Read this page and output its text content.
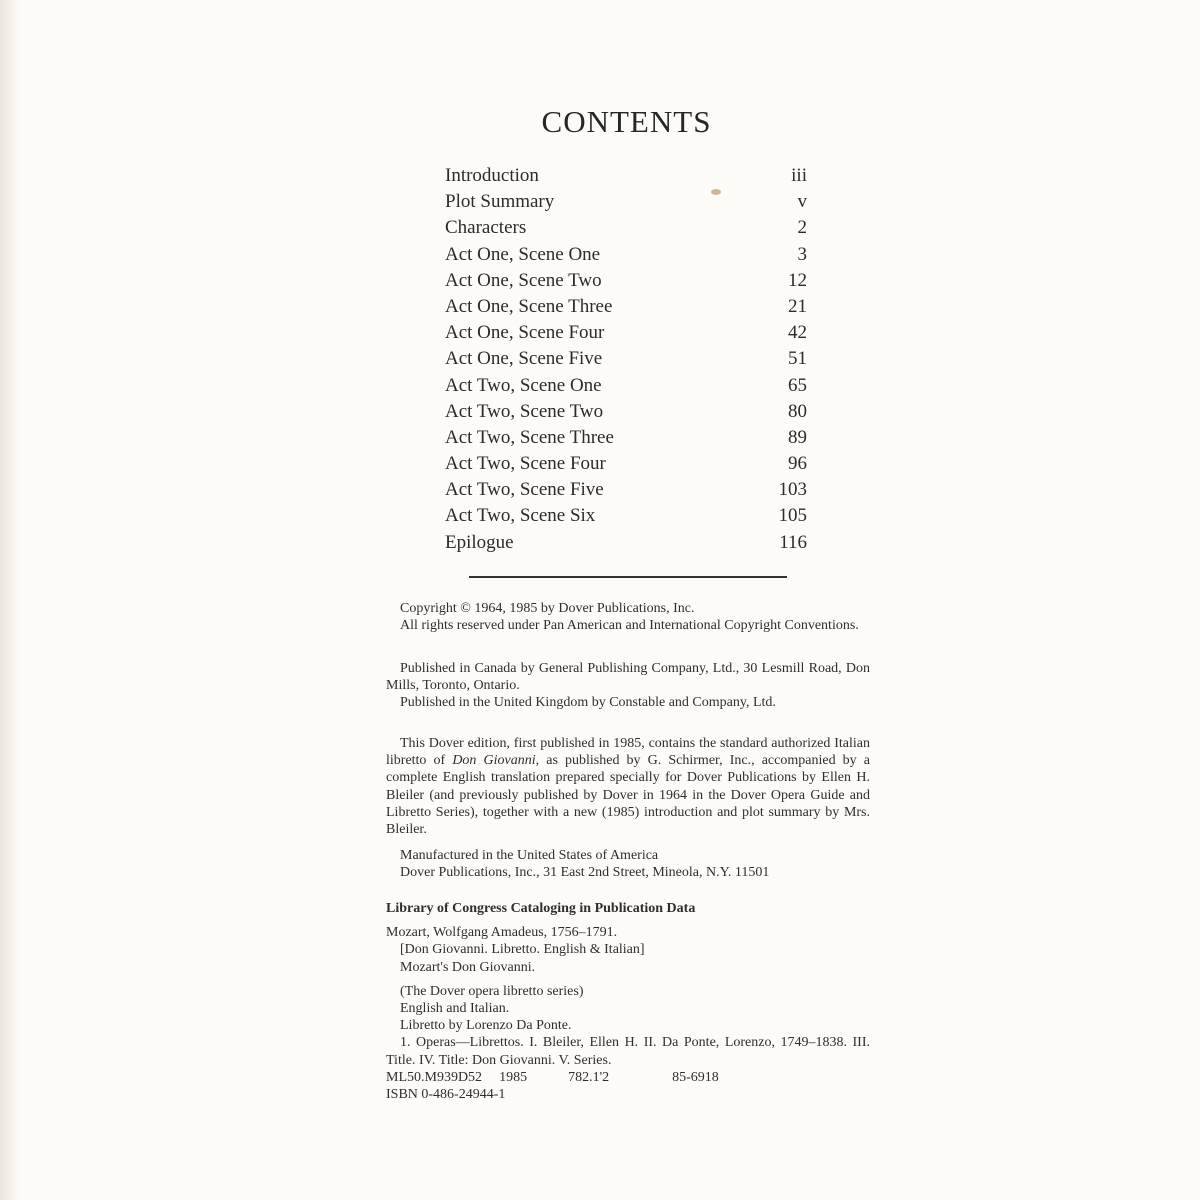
CONTENTS
Introduction	iii
Plot Summary	v
Characters	2
Act One, Scene One	3
Act One, Scene Two	12
Act One, Scene Three	21
Act One, Scene Four	42
Act One, Scene Five	51
Act Two, Scene One	65
Act Two, Scene Two	80
Act Two, Scene Three	89
Act Two, Scene Four	96
Act Two, Scene Five	103
Act Two, Scene Six	105
Epilogue	116

Copyright © 1964, 1985 by Dover Publications, Inc.

All rights reserved under Pan American and International Copyright Conventions.

Published in Canada by General Publishing Company, Ltd., 30 Lesmill Road, Don Mills, Toronto, Ontario.

Published in the United Kingdom by Constable and Company, Ltd.

This Dover edition, first published in 1985, contains the standard authorized Italian libretto of Don Giovanni, as published by G. Schirmer, Inc., accompanied by a complete English translation prepared specially for Dover Publications by Ellen H. Bleiler (and previously published by Dover in 1964 in the Dover Opera Guide and Libretto Series), together with a new (1985) introduction and plot summary by Mrs. Bleiler.

Manufactured in the United States of America

Dover Publications, Inc., 31 East 2nd Street, Mineola, N.Y. 11501

Library of Congress Cataloging in Publication Data

Mozart, Wolfgang Amadeus, 1756–1791.

[Don Giovanni. Libretto. English & Italian]

Mozart's Don Giovanni.

(The Dover opera libretto series)

English and Italian.

Libretto by Lorenzo Da Ponte.

1. Operas—Librettos. I. Bleiler, Ellen H. II. Da Ponte, Lorenzo, 1749–1838. III. Title. IV. Title: Don Giovanni. V. Series.

ML50.M939D52 1985	782.1'2	85-6918

ISBN 0-486-24944-1
